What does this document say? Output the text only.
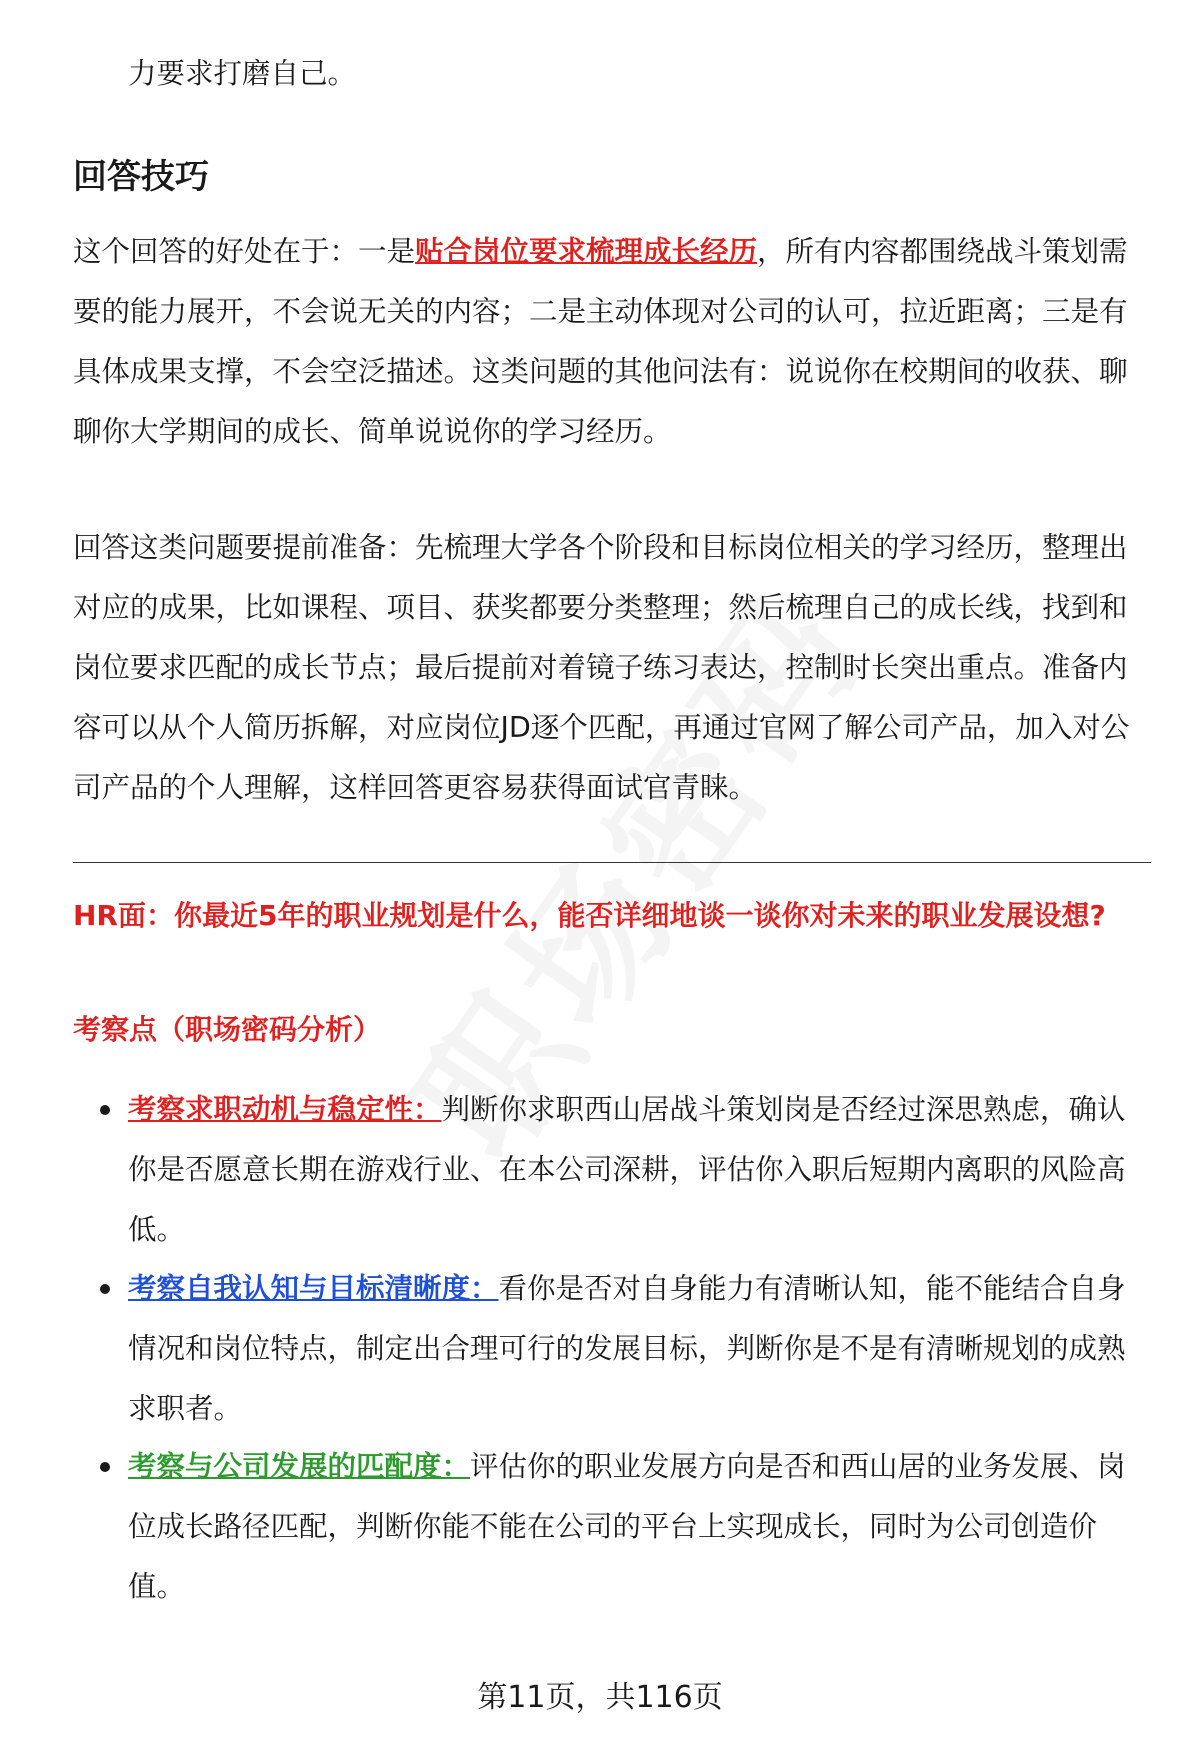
力要求打磨自己。

回答技巧

这个回答的好处在于：一是贴合岗位要求梳理成长经历，所有内容都围绕战斗策划需要的能力展开，不会说无关的内容；二是主动体现对公司的认可，拉近距离；三是有具体成果支撑，不会空泛描述。这类问题的其他问法有：说说你在校期间的收获、聊聊你大学期间的成长、简单说说你的学习经历。

回答这类问题要提前准备：先梳理大学各个阶段和目标岗位相关的学习经历，整理出对应的成果，比如课程、项目、获奖都要分类整理；然后梳理自己的成长线，找到和岗位要求匹配的成长节点；最后提前对着镜子练习表达，控制时长突出重点。准备内容可以从个人简历拆解，对应岗位JD逐个匹配，再通过官网了解公司产品，加入对公司产品的个人理解，这样回答更容易获得面试官青睐。

HR面：你最近5年的职业规划是什么，能否详细地谈一谈你对未来的职业发展设想?

考察点（职场密码分析）

考察求职动机与稳定性：判断你求职西山居战斗策划岗是否经过深思熟虑，确认你是否愿意长期在游戏行业、在本公司深耕，评估你入职后短期内离职的风险高低。
考察自我认知与目标清晰度：看你是否对自身能力有清晰认知，能不能结合自身情况和岗位特点，制定出合理可行的发展目标，判断你是不是有清晰规划的成熟求职者。
考察与公司发展的匹配度：评估你的职业发展方向是否和西山居的业务发展、岗位成长路径匹配，判断你能不能在公司的平台上实现成长，同时为公司创造价值。
第11页，共116页
